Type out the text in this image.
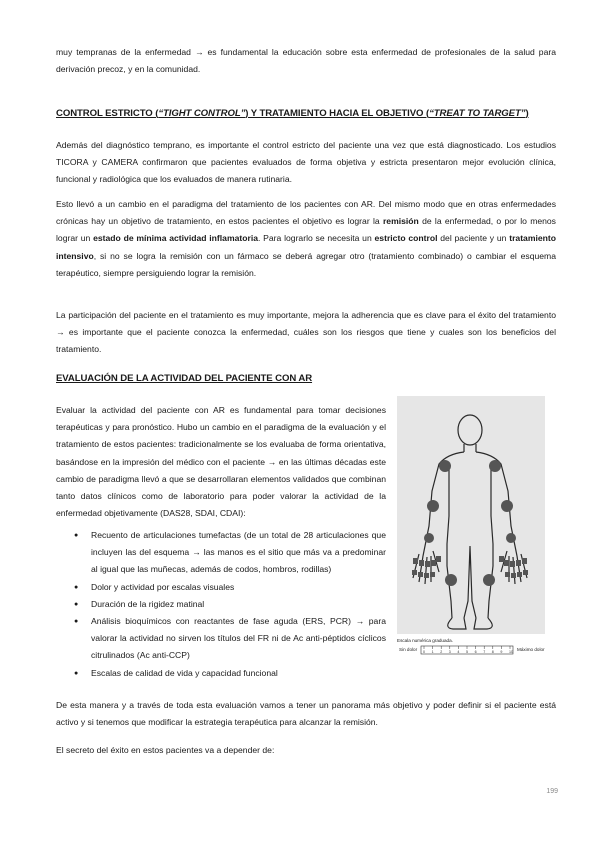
muy tempranas de la enfermedad → es fundamental la educación sobre esta enfermedad de profesionales de la salud para derivación precoz, y en la comunidad.
CONTROL ESTRICTO (“TIGHT CONTROL”) Y TRATAMIENTO HACIA EL OBJETIVO (“TREAT TO TARGET”)
Además del diagnóstico temprano, es importante el control estricto del paciente una vez que está diagnosticado. Los estudios TICORA y CAMERA confirmaron que pacientes evaluados de forma objetiva y estricta presentaron mejor evolución clínica, funcional y radiológica que los evaluados de manera rutinaria.
Esto llevó a un cambio en el paradigma del tratamiento de los pacientes con AR. Del mismo modo que en otras enfermedades crónicas hay un objetivo de tratamiento, en estos pacientes el objetivo es lograr la remisión de la enfermedad, o por lo menos lograr un estado de mínima actividad inflamatoria. Para lograrlo se necesita un estricto control del paciente y un tratamiento intensivo, si no se logra la remisión con un fármaco se deberá agregar otro (tratamiento combinado) o cambiar el esquema terapéutico, siempre persiguiendo lograr la remisión.
La participación del paciente en el tratamiento es muy importante, mejora la adherencia que es clave para el éxito del tratamiento → es importante que el paciente conozca la enfermedad, cuáles son los riesgos que tiene y cuales son los beneficios del tratamiento.
EVALUACIÓN DE LA ACTIVIDAD DEL PACIENTE CON AR
Evaluar la actividad del paciente con AR es fundamental para tomar decisiones terapéuticas y para pronóstico. Hubo un cambio en el paradigma de la evaluación y el tratamiento de estos pacientes: tradicionalmente se los evaluaba de forma orientativa, basándose en la impresión del médico con el paciente → en las últimas décadas este cambio de paradigma llevó a que se desarrollaran elementos validados que combinan tanto datos clínicos como de laboratorio para poder valorar la actividad de la enfermedad objetivamente (DAS28, SDAI, CDAI):
● Recuento de articulaciones tumefactas (de un total de 28 articulaciones que incluyen las del esquema → las manos es el sitio que más va a predominar al igual que las muñecas, además de codos, hombros, rodillas)
● Dolor y actividad por escalas visuales
● Duración de la rigidez matinal
● Análisis bioquímicos con reactantes de fase aguda (ERS, PCR) → para valorar la actividad no sirven los títulos del FR ni de Ac anti-péptidos cíclicos citrulinados (Ac anti-CCP)
● Escalas de calidad de vida y capacidad funcional
Escala numérica graduada.
Sin dolor	Máximo dolor
0 1 2 3 4 5 6 7 8 9 10
De esta manera y a través de toda esta evaluación vamos a tener un panorama más objetivo y poder definir si el paciente está activo y si tenemos que modificar la estrategia terapéutica para alcanzar la remisión.
El secreto del éxito en estos pacientes va a depender de:
199
